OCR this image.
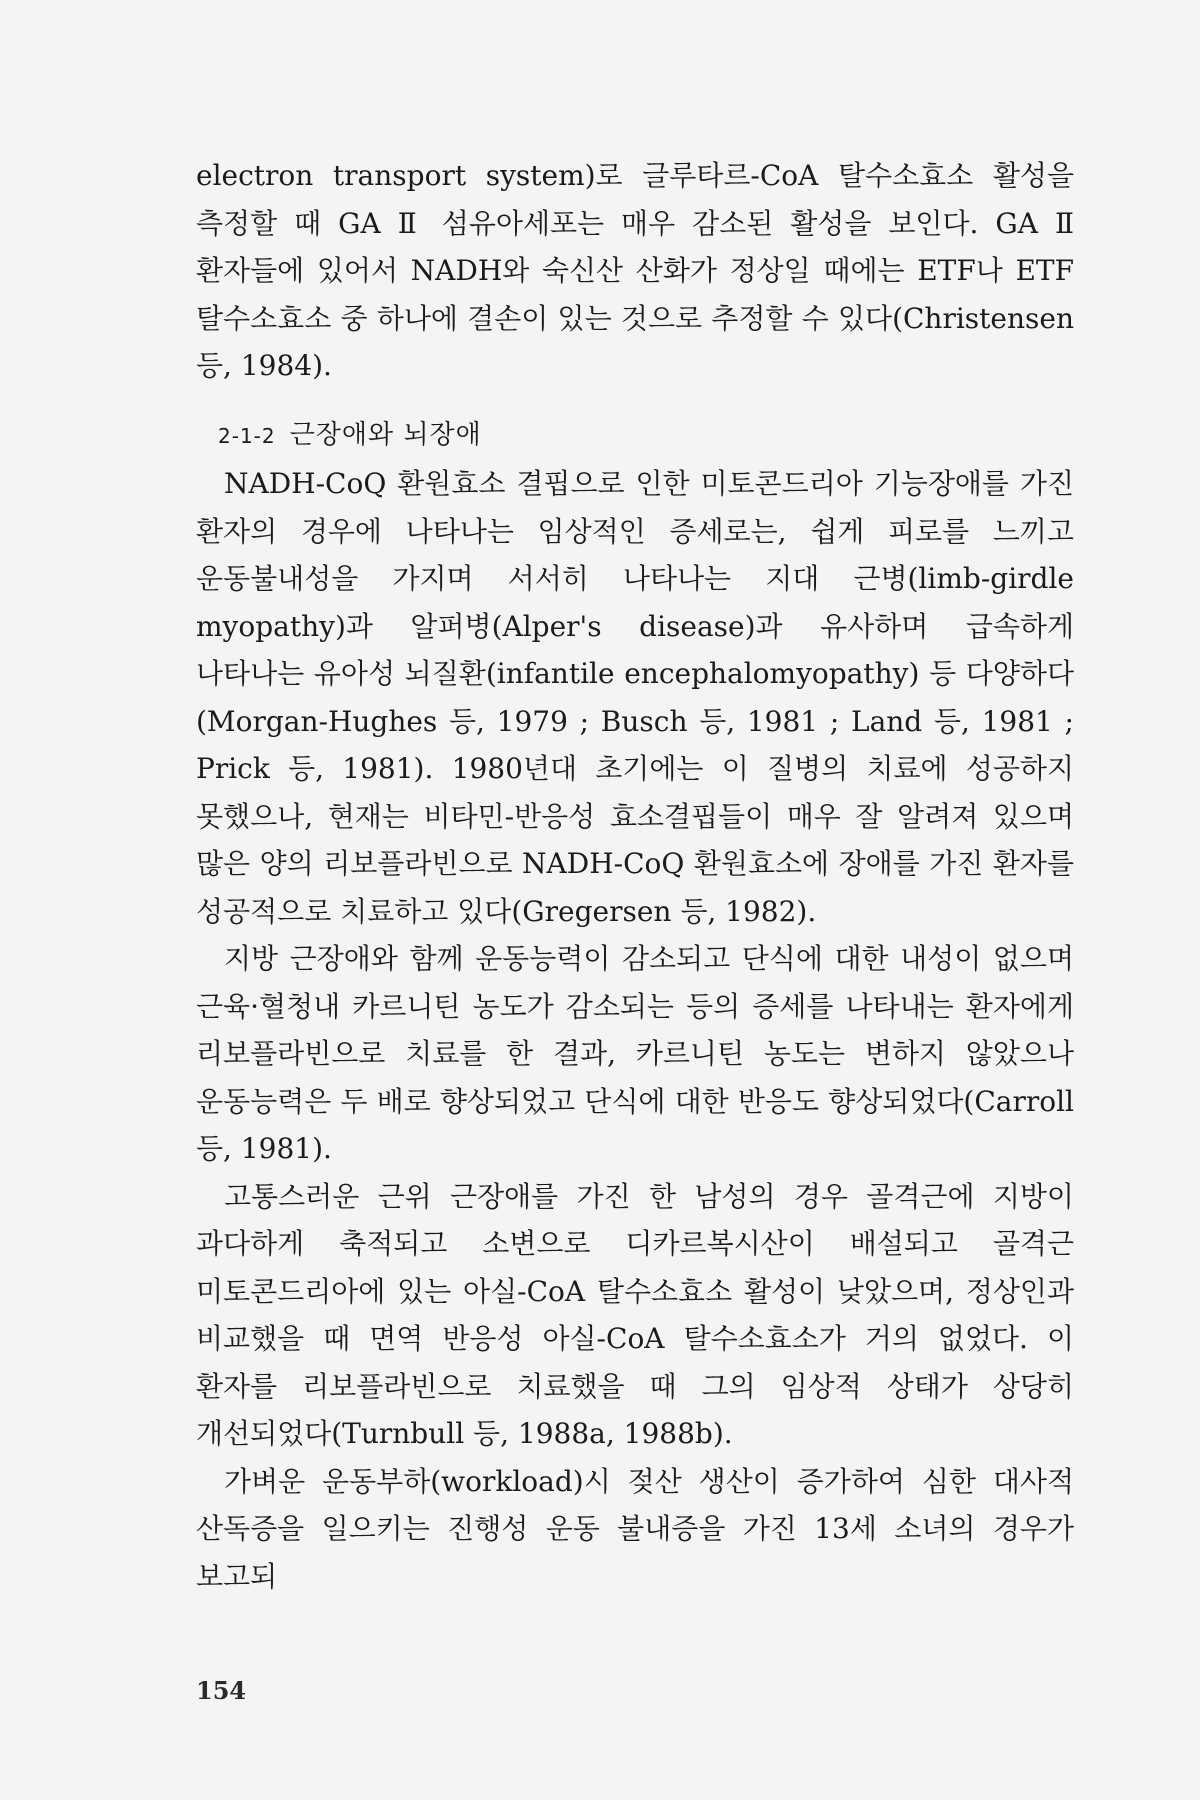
electron transport system)로 글루타르-CoA 탈수소효소 활성을 측정할 때 GA Ⅱ 섬유아세포는 매우 감소된 활성을 보인다. GA Ⅱ 환자들에 있어서 NADH와 숙신산 산화가 정상일 때에는 ETF나 ETF 탈수소효소 중 하나에 결손이 있는 것으로 추정할 수 있다(Christensen 등, 1984).

2-1-2 근장애와 뇌장애

NADH-CoQ 환원효소 결핍으로 인한 미토콘드리아 기능장애를 가진 환자의 경우에 나타나는 임상적인 증세로는, 쉽게 피로를 느끼고 운동불내성을 가지며 서서히 나타나는 지대 근병(limb-girdle myopathy)과 알퍼병(Alper's disease)과 유사하며 급속하게 나타나는 유아성 뇌질환(infantile encephalomyopathy) 등 다양하다(Morgan-Hughes 등, 1979 ; Busch 등, 1981 ; Land 등, 1981 ; Prick 등, 1981). 1980년대 초기에는 이 질병의 치료에 성공하지 못했으나, 현재는 비타민-반응성 효소결핍들이 매우 잘 알려져 있으며 많은 양의 리보플라빈으로 NADH-CoQ 환원효소에 장애를 가진 환자를 성공적으로 치료하고 있다(Gregersen 등, 1982).

지방 근장애와 함께 운동능력이 감소되고 단식에 대한 내성이 없으며 근육·혈청내 카르니틴 농도가 감소되는 등의 증세를 나타내는 환자에게 리보플라빈으로 치료를 한 결과, 카르니틴 농도는 변하지 않았으나 운동능력은 두 배로 향상되었고 단식에 대한 반응도 향상되었다(Carroll 등, 1981).

고통스러운 근위 근장애를 가진 한 남성의 경우 골격근에 지방이 과다하게 축적되고 소변으로 디카르복시산이 배설되고 골격근 미토콘드리아에 있는 아실-CoA 탈수소효소 활성이 낮았으며, 정상인과 비교했을 때 면역 반응성 아실-CoA 탈수소효소가 거의 없었다. 이 환자를 리보플라빈으로 치료했을 때 그의 임상적 상태가 상당히 개선되었다(Turnbull 등, 1988a, 1988b).

가벼운 운동부하(workload)시 젖산 생산이 증가하여 심한 대사적 산독증을 일으키는 진행성 운동 불내증을 가진 13세 소녀의 경우가 보고되

154
